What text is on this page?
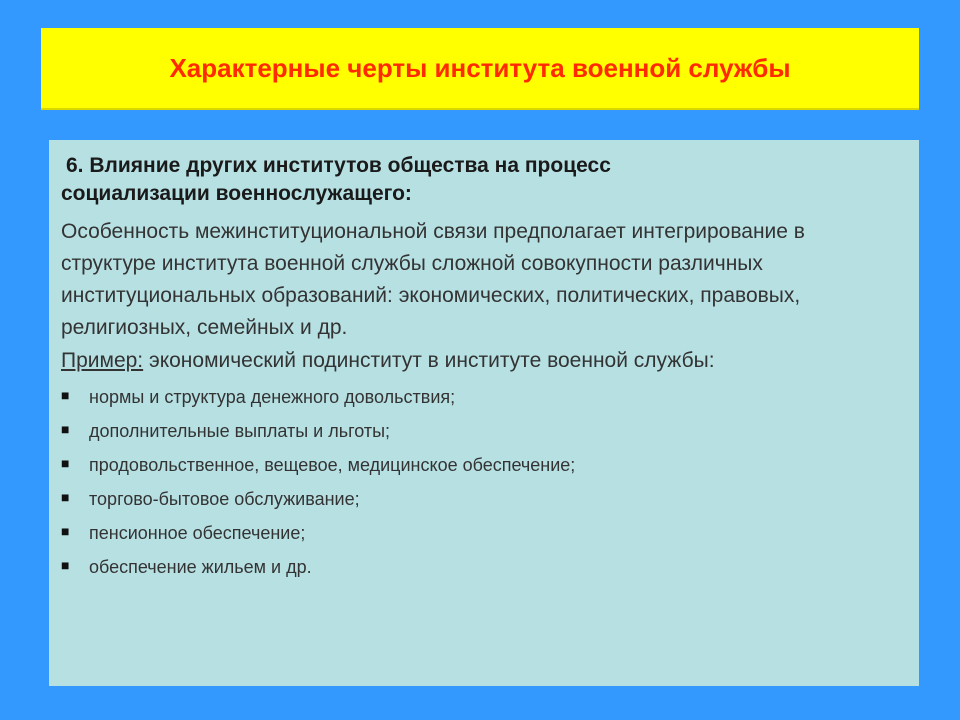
Характерные черты института военной службы
6. Влияние других институтов общества на процесс
социализации военнослужащего:

Особенность межинституциональной связи предполагает интегрирование в структуре института военной службы сложной совокупности различных институциональных образований: экономических, политических, правовых, религиозных, семейных и др.

Пример: экономический подинститут в институте военной службы:

■ нормы и структура денежного довольствия;
■ дополнительные выплаты и льготы;
■ продовольственное, вещевое, медицинское обеспечение;
■ торгово-бытовое обслуживание;
■ пенсионное обеспечение;
■ обеспечение жильем и др.
